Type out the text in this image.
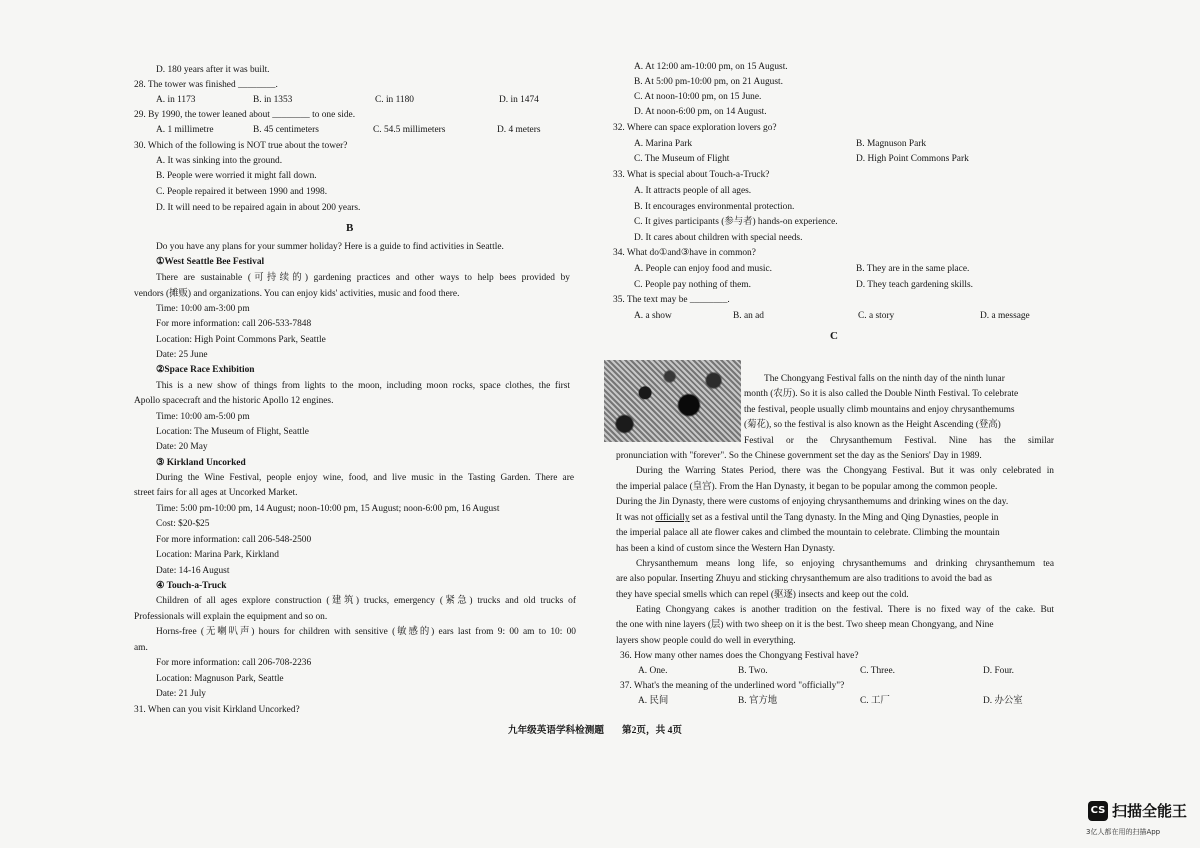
D. 180 years after it was built.
28. The tower was finished ________.
A. in 1173	B. in 1353	C. in 1180	D. in 1474
29. By 1990, the tower leaned about ________ to one side.
A. 1 millimetre	B. 45 centimeters	C. 54.5 millimeters	D. 4 meters
30. Which of the following is NOT true about the tower?
A. It was sinking into the ground.
B. People were worried it might fall down.
C. People repaired it between 1990 and 1998.
D. It will need to be repaired again in about 200 years.
B
Do you have any plans for your summer holiday? Here is a guide to find activities in Seattle.
①West Seattle Bee Festival
There are sustainable (可持续的) gardening practices and other ways to help bees provided by
vendors (摊贩) and organizations. You can enjoy kids' activities, music and food there.
Time: 10:00 am-3:00 pm
For more information: call 206-533-7848
Location: High Point Commons Park, Seattle
Date: 25 June
②Space Race Exhibition
This is a new show of things from lights to the moon, including moon rocks, space clothes, the first
Apollo spacecraft and the historic Apollo 12 engines.
Time: 10:00 am-5:00 pm
Location: The Museum of Flight, Seattle
Date: 20 May
③ Kirkland Uncorked
During the Wine Festival, people enjoy wine, food, and live music in the Tasting Garden. There are
street fairs for all ages at Uncorked Market.
Time: 5:00 pm-10:00 pm, 14 August; noon-10:00 pm, 15 August; noon-6:00 pm, 16 August
Cost: $20-$25
For more information: call 206-548-2500
Location: Marina Park, Kirkland
Date: 14-16 August
④ Touch-a-Truck
Children of all ages explore construction (建筑) trucks, emergency (紧急) trucks and old trucks of
Professionals will explain the equipment and so on.
Horns-free (无喇叭声) hours for children with sensitive (敏感的) ears last from 9: 00 am to 10: 00
am.
For more information: call 206-708-2236
Location: Magnuson Park, Seattle
Date: 21 July
31. When can you visit Kirkland Uncorked?
A. At 12:00 am-10:00 pm, on 15 August.
B. At 5:00 pm-10:00 pm, on 21 August.
C. At noon-10:00 pm, on 15 June.
D. At noon-6:00 pm, on 14 August.
32. Where can space exploration lovers go?
A. Marina Park	B. Magnuson Park
C. The Museum of Flight	D. High Point Commons Park
33. What is special about Touch-a-Truck?
A. It attracts people of all ages.
B. It encourages environmental protection.
C. It gives participants (参与者) hands-on experience.
D. It cares about children with special needs.
34. What do①and③have in common?
A. People can enjoy food and music.	B. They are in the same place.
C. People pay nothing of them.	D. They teach gardening skills.
35. The text may be ________.
A. a show	B. an ad	C. a story	D. a message
C
The Chongyang Festival falls on the ninth day of the ninth lunar
month (农历). So it is also called the Double Ninth Festival. To celebrate
the festival, people usually climb mountains and enjoy chrysanthemums
(菊花), so the festival is also known as the Height Ascending (登高)
Festival or the Chrysanthemum Festival. Nine has the similar
pronunciation with "forever". So the Chinese government set the day as the Seniors' Day in 1989.
During the Warring States Period, there was the Chongyang Festival. But it was only celebrated in
the imperial palace (皇宫). From the Han Dynasty, it began to be popular among the common people.
During the Jin Dynasty, there were customs of enjoying chrysanthemums and drinking wines on the day.
It was not officially set as a festival until the Tang dynasty. In the Ming and Qing Dynasties, people in
the imperial palace all ate flower cakes and climbed the mountain to celebrate. Climbing the mountain
has been a kind of custom since the Western Han Dynasty.
Chrysanthemum means long life, so enjoying chrysanthemums and drinking chrysanthemum tea
are also popular. Inserting Zhuyu and sticking chrysanthemum are also traditions to avoid the bad as
they have special smells which can repel (驱逐) insects and keep out the cold.
Eating Chongyang cakes is another tradition on the festival. There is no fixed way of the cake. But
the one with nine layers (层) with two sheep on it is the best. Two sheep mean Chongyang, and Nine
layers show people could do well in everything.
36. How many other names does the Chongyang Festival have?
A. One.	B. Two.	C. Three.	D. Four.
37. What's the meaning of the underlined word "officially"?
A. 民间	B. 官方地	C. 工厂	D. 办公室
九年级英语学科检测题 第2页，共 4页
CS 扫描全能王
3亿人都在用的扫描App
